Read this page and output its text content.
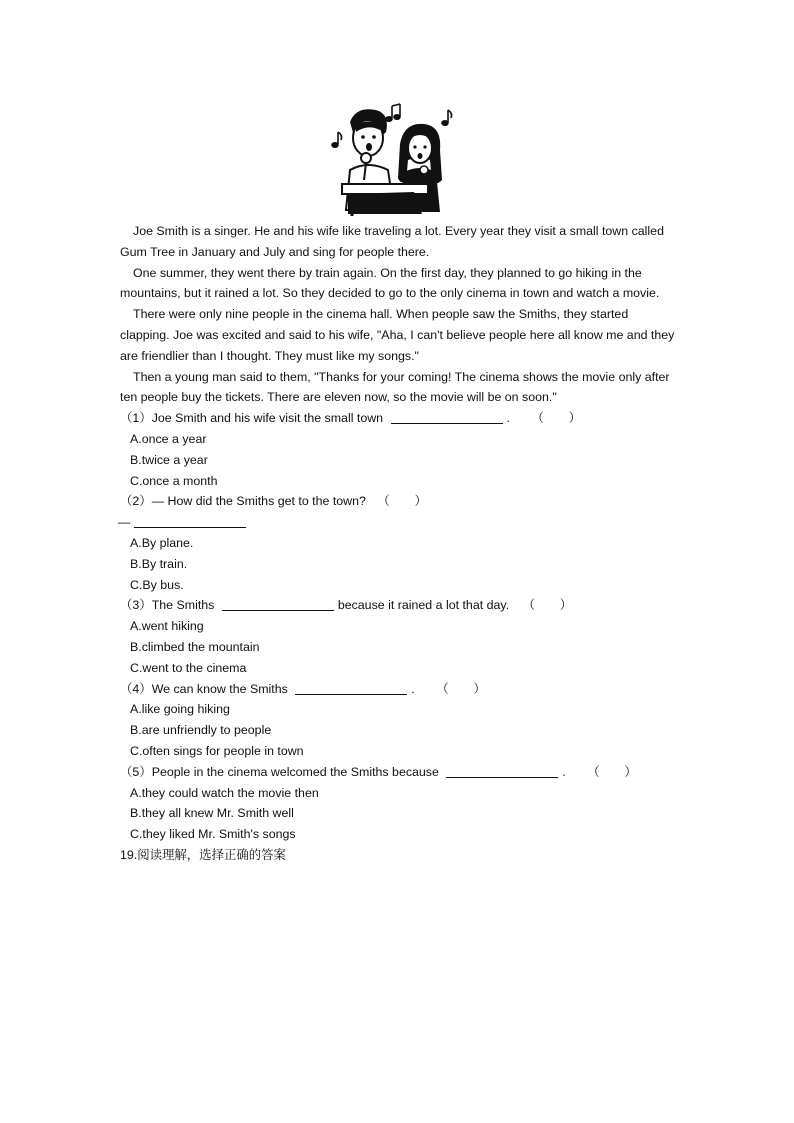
Joe Smith is a singer. He and his wife like traveling a lot. Every year they visit a small town called Gum Tree in January and July and sing for people there.

One summer, they went there by train again. On the first day, they planned to go hiking in the mountains, but it rained a lot. So they decided to go to the only cinema in town and watch a movie.

There were only nine people in the cinema hall. When people saw the Smiths, they started clapping. Joe was excited and said to his wife, "Aha, I can't believe people here all know me and they are friendlier than I thought. They must like my songs."

Then a young man said to them, "Thanks for your coming! The cinema shows the movie only after ten people buy the tickets. There are eleven now, so the movie will be on soon."

（1）Joe Smith and his wife visit the small town	. （　　）

A.once a year

B.twice a year

C.once a month

（2）— How did the Smiths get to the town? （　　）

—

A.By plane.

B.By train.

C.By bus.

（3）The Smiths	because it rained a lot that day. （　　）

A.went hiking

B.climbed the mountain

C.went to the cinema

（4）We can know the Smiths	. （　　）

A.like going hiking

B.are unfriendly to people

C.often sings for people in town

（5）People in the cinema welcomed the Smiths because	. （　　）

A.they could watch the movie then

B.they all knew Mr. Smith well

C.they liked Mr. Smith's songs

19.阅读理解，选择正确的答案
